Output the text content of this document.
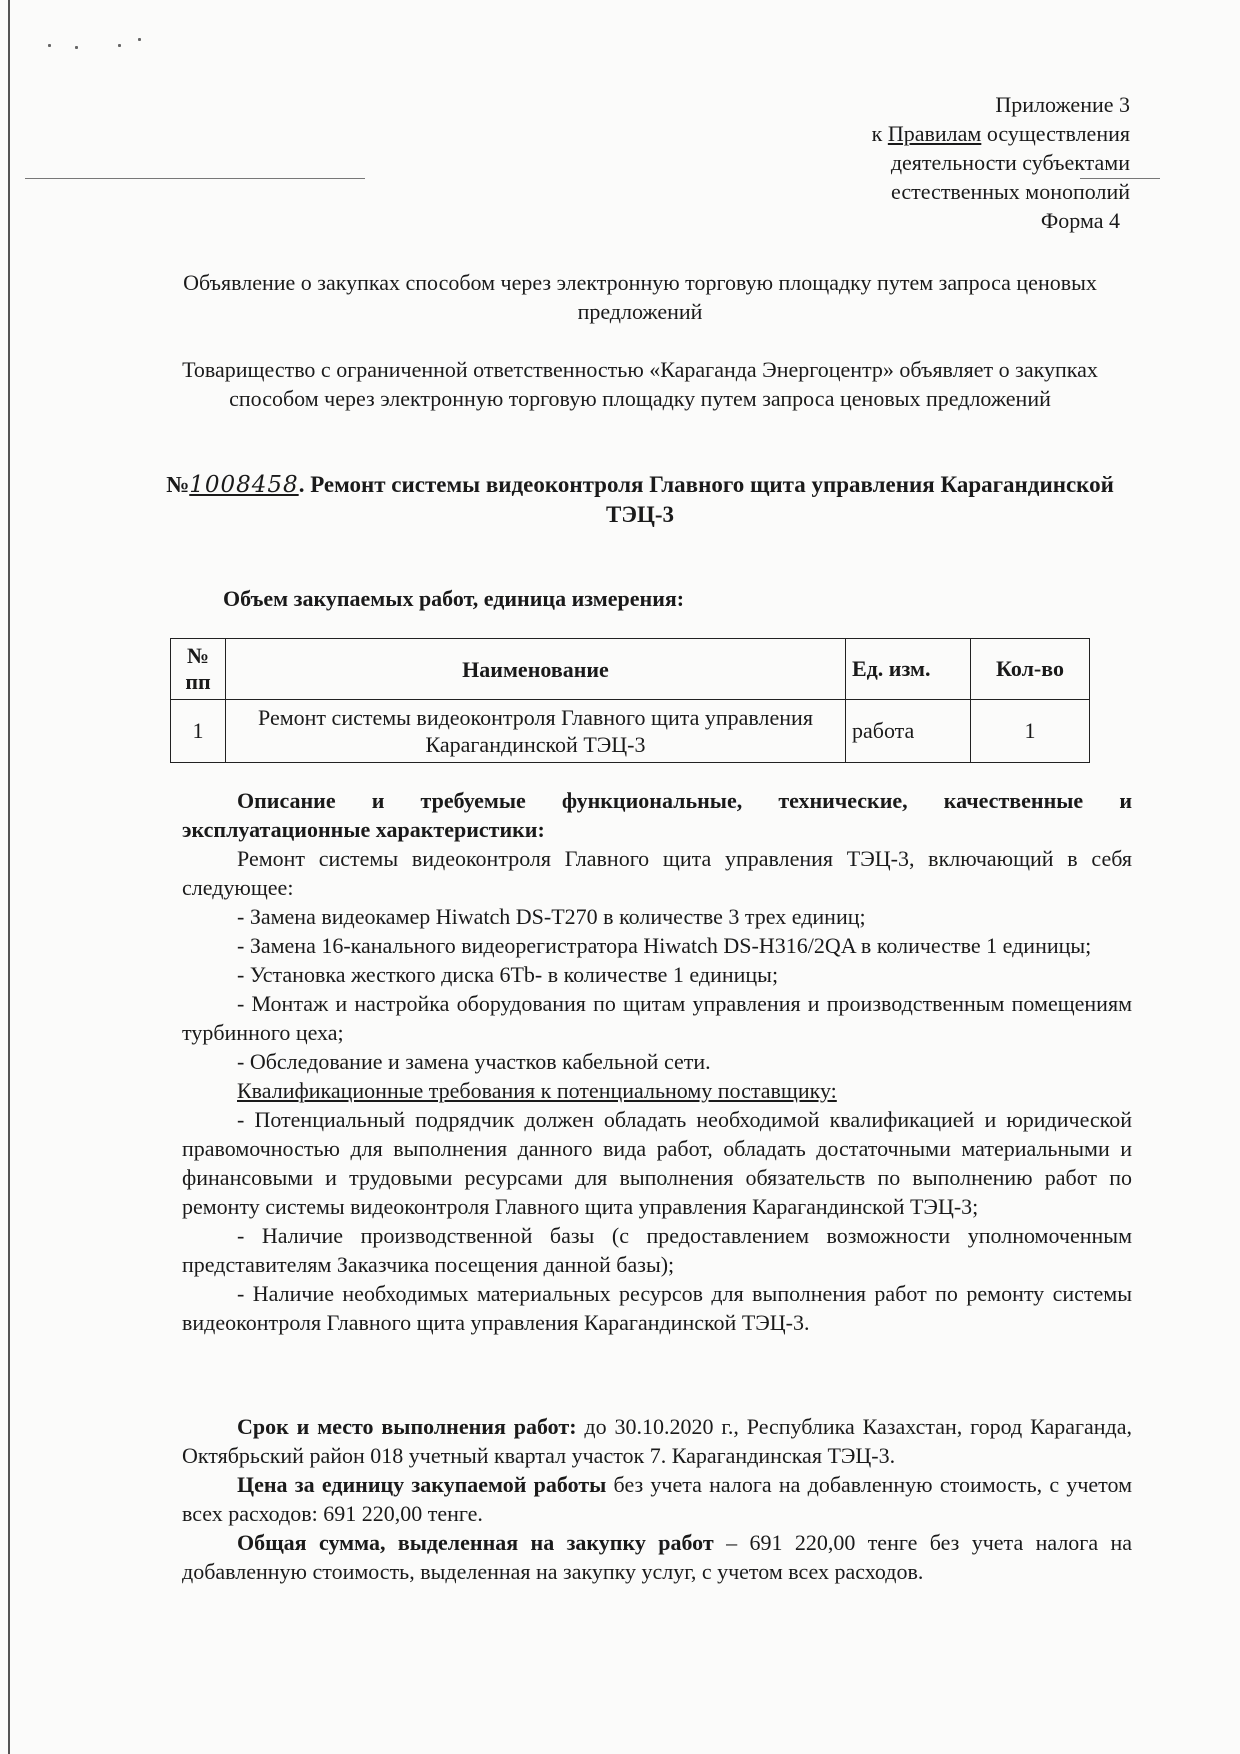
Приложение 3
к Правилам осуществления
деятельности субъектами
естественных монополий
Форма 4
Объявление о закупках способом через электронную торговую площадку путем запроса ценовых предложений
Товарищество с ограниченной ответственностью «Караганда Энергоцентр» объявляет о закупках способом через электронную торговую площадку путем запроса ценовых предложений
№1008458. Ремонт системы видеоконтроля Главного щита управления Карагандинской ТЭЦ-3
Объем закупаемых работ, единица измерения:
№ пп	Наименование	Ед. изм.	Кол-во
1	Ремонт системы видеоконтроля Главного щита управления Карагандинской ТЭЦ-3	работа	1

Описание и требуемые функциональные, технические, качественные и эксплуатационные характеристики:

Ремонт системы видеоконтроля Главного щита управления ТЭЦ-3, включающий в себя следующее:

- Замена видеокамер Hiwatch DS-T270 в количестве 3 трех единиц;

- Замена 16-канального видеорегистратора Hiwatch DS-H316/2QA в количестве 1 единицы;

- Установка жесткого диска 6Tb- в количестве 1 единицы;

- Монтаж и настройка оборудования по щитам управления и производственным помещениям турбинного цеха;

- Обследование и замена участков кабельной сети.

Квалификационные требования к потенциальному поставщику:

- Потенциальный подрядчик должен обладать необходимой квалификацией и юридической правомочностью для выполнения данного вида работ, обладать достаточными материальными и финансовыми и трудовыми ресурсами для выполнения обязательств по выполнению работ по ремонту системы видеоконтроля Главного щита управления Карагандинской ТЭЦ-3;

- Наличие производственной базы (с предоставлением возможности уполномоченным представителям Заказчика посещения данной базы);

- Наличие необходимых материальных ресурсов для выполнения работ по ремонту системы видеоконтроля Главного щита управления Карагандинской ТЭЦ-3.

Срок и место выполнения работ: до 30.10.2020 г., Республика Казахстан, город Караганда, Октябрьский район 018 учетный квартал участок 7. Карагандинская ТЭЦ-3.

Цена за единицу закупаемой работы без учета налога на добавленную стоимость, с учетом всех расходов: 691 220,00 тенге.

Общая сумма, выделенная на закупку работ – 691 220,00 тенге без учета налога на добавленную стоимость, выделенная на закупку услуг, с учетом всех расходов.
